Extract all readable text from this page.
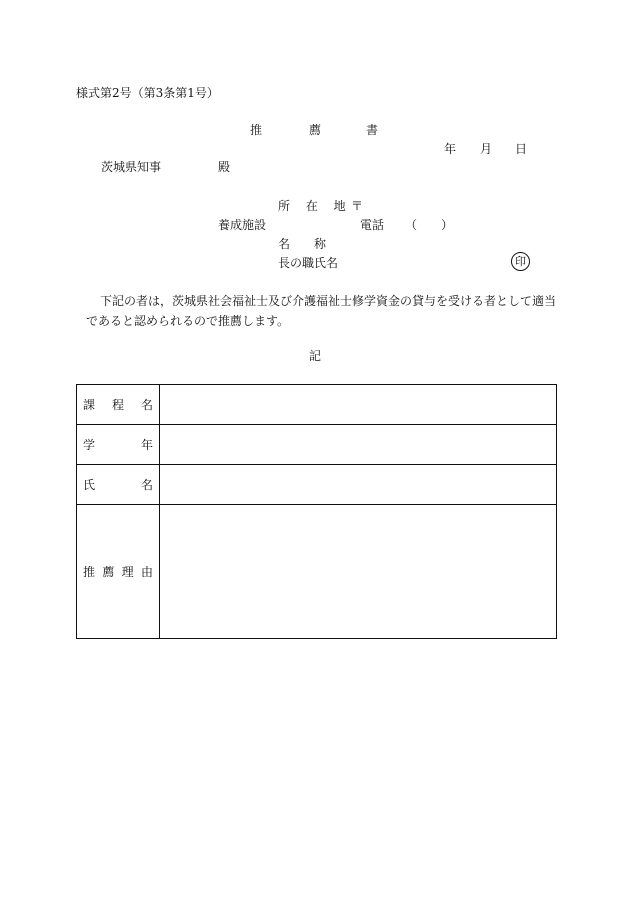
様式第2号（第3条第1号）
推	薦	書
年 月 日
茨城県知事	殿
所 在 地 〒
養成施設	電話 （　　）
名　　称
長の職氏名	印
下記の者は，茨城県社会福祉士及び介護福祉士修学資金の貸与を受ける者として適当
であると認められるので推薦します。
記
課 程 名	

学 年	

氏 名	

推 薦 理 由	
